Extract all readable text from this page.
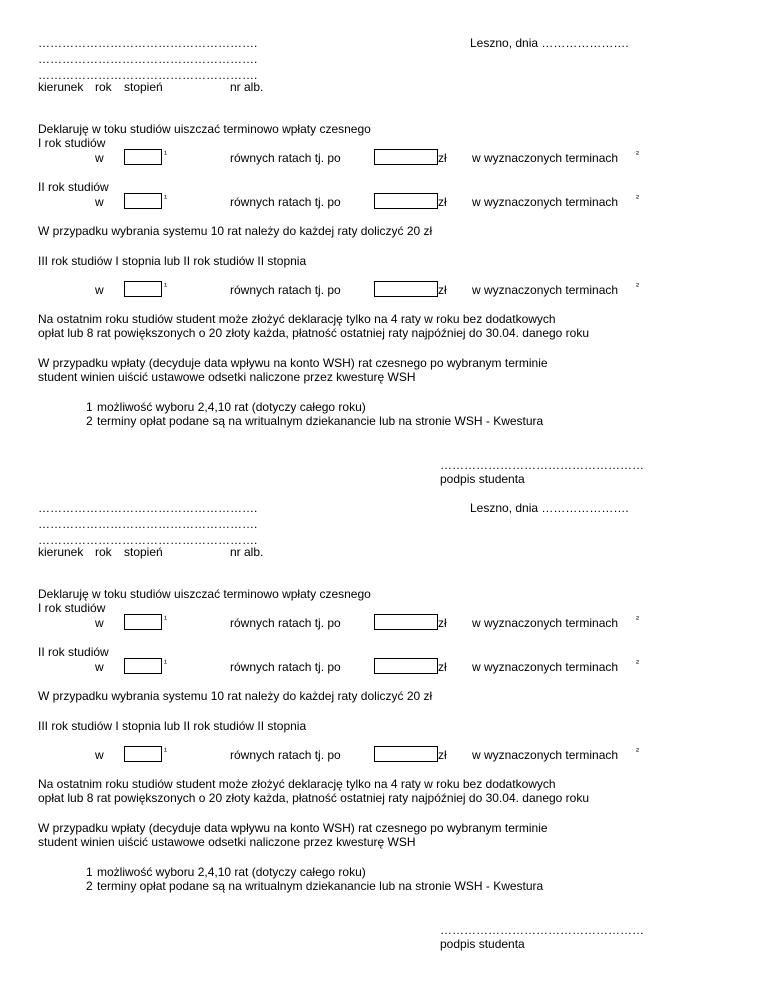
……………………………………………….
……………………………………………….
……………………………………………….
Leszno, dnia ………………….
kierunek rok stopień	nr alb.
Deklaruję w toku studiów uiszczać terminowo wpłaty czesnego
I rok studiów
w	¹	równych ratach tj. po	zł w wyznaczonych terminach ²
II rok studiów
w	¹	równych ratach tj. po	zł w wyznaczonych terminach ²
W przypadku wybrania systemu 10 rat należy do każdej raty doliczyć 20 zł
III rok studiów I stopnia lub II rok studiów II stopnia
w	¹	równych ratach tj. po	zł w wyznaczonych terminach ²
Na ostatnim roku studiów student może złożyć deklarację tylko na 4 raty w roku bez dodatkowych
opłat lub 8 rat powiększonych o 20 złoty każda, płatność ostatniej raty najpóźniej do 30.04. danego roku
W przypadku wpłaty (decyduje data wpływu na konto WSH) rat czesnego po wybranym terminie
student winien uiścić ustawowe odsetki naliczone przez kwesturę WSH
1 możliwość wyboru 2,4,10 rat (dotyczy całego roku)
2 terminy opłat podane są na writualnym dziekanancie lub na stronie WSH - Kwestura
……………………………………………
podpis studenta
……………………………………………….
……………………………………………….
……………………………………………….
Leszno, dnia ………………….
kierunek rok stopień	nr alb.
Deklaruję w toku studiów uiszczać terminowo wpłaty czesnego
I rok studiów
w	¹	równych ratach tj. po	zł w wyznaczonych terminach ²
II rok studiów
w	¹	równych ratach tj. po	zł w wyznaczonych terminach ²
W przypadku wybrania systemu 10 rat należy do każdej raty doliczyć 20 zł
III rok studiów I stopnia lub II rok studiów II stopnia
w	¹	równych ratach tj. po	zł w wyznaczonych terminach ²
Na ostatnim roku studiów student może złożyć deklarację tylko na 4 raty w roku bez dodatkowych
opłat lub 8 rat powiększonych o 20 złoty każda, płatność ostatniej raty najpóźniej do 30.04. danego roku
W przypadku wpłaty (decyduje data wpływu na konto WSH) rat czesnego po wybranym terminie
student winien uiścić ustawowe odsetki naliczone przez kwesturę WSH
1 możliwość wyboru 2,4,10 rat (dotyczy całego roku)
2 terminy opłat podane są na writualnym dziekanancie lub na stronie WSH - Kwestura
……………………………………………
podpis studenta
